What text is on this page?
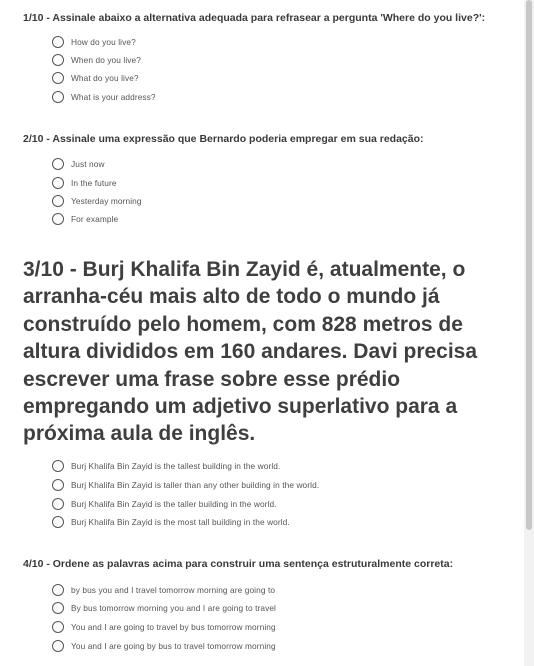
1/10 - Assinale abaixo a alternativa adequada para refrasear a pergunta 'Where do you live?':
How do you live?
When do you live?
What do you live?
What is your address?
2/10 - Assinale uma expressão que Bernardo poderia empregar em sua redação:
Just now
In the future
Yesterday morning
For example
3/10 - Burj Khalifa Bin Zayid é, atualmente, o arranha-céu mais alto de todo o mundo já construído pelo homem, com 828 metros de altura divididos em 160 andares. Davi precisa escrever uma frase sobre esse prédio empregando um adjetivo superlativo para a próxima aula de inglês.
Burj Khalifa Bin Zayid is the tallest building in the world.
Burj Khalifa Bin Zayid is taller than any other building in the world.
Burj Khalifa Bin Zayid is the taller building in the world.
Burj Khalifa Bin Zayid is the most tall building in the world.
4/10 - Ordene as palavras acima para construir uma sentença estruturalmente correta:
by bus you and I travel tomorrow morning are going to
By bus tomorrow morning you and I are going to travel
You and I are going to travel by bus tomorrow morning
You and I are going by bus to travel tomorrow morning
